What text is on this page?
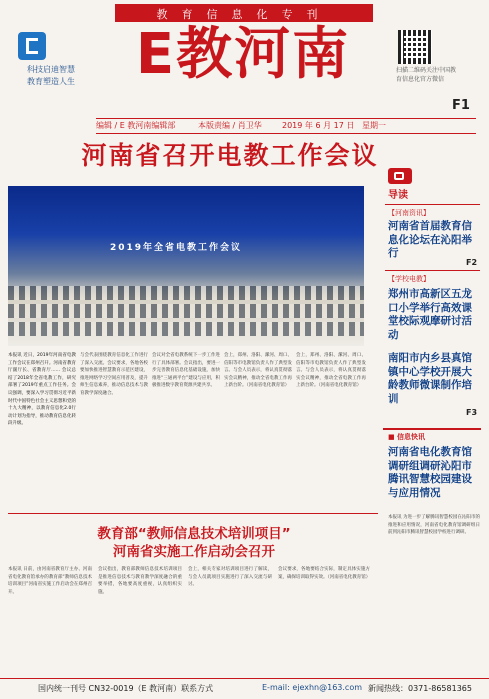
教育信息化专刊
科技启迪智慧
教育塑造人生	E教河南	扫描二维码关注中国教育信息化官方微信
F1
编辑 / E 教河南编辑部	本版责编 / 肖卫华	2019 年 6 月 17 日 星期一
河南省召开电教工作会议
2019年全省电教工作会议
本报讯 近日，2019年河南省电教工作会议在郑州召开。河南省教育厅副厅长、省教育厅…… 会议总结了2018年全省电教工作，研究部署了2019年重点工作任务。会议强调，要深入学习贯彻习近平新时代中国特色社会主义思想和党的十九大精神，以教育信息化2.0行动计划为指导，推动教育信息化转段升级。
与会代表围绕教育信息化工作进行了深入交流。会议要求，各地各校要加快推进智慧教育示范区建设，推进网络学习空间应用普及，提升师生信息素养，推动信息技术与教育教学深度融合。
会议对全省电教系统下一步工作进行了具体部署。会议指出，要进一步完善教育信息化基础设施，加快推进“三通两平台”建设与应用，积极推进数字教育资源共建共享。
会上，郑州、洛阳、漯河、周口、信阳等市电教馆负责人作了典型发言。与会人员表示，将认真贯彻落实会议精神，推动全省电教工作再上新台阶。（河南省电化教育馆）
会上，郑州、洛阳、漯河、周口、信阳等市电教馆负责人作了典型发言。与会人员表示，将认真贯彻落实会议精神，推动全省电教工作再上新台阶。（河南省电化教育馆）
教育部“教师信息技术培训项目”
河南省实施工作启动会召开
本报讯 日前，由河南省教育厅主办、河南省电化教育馆承办的教育部“教师信息技术培训项目”河南省实施工作启动会在郑州召开。
会议指出，教育部教师信息技术培训项目是推进信息技术与教育教学深度融合的重要举措，各地要高度重视，认真组织实施。
会上，相关专家对培训项目进行了解读，与会人员就项目实施进行了深入交流与研讨。
会议要求，各地要结合实际，制定具体实施方案，确保培训取得实效。（河南省电化教育馆）
导读
【河南资讯】
河南省首届教育信息化论坛在沁阳举行
F2
【学校电教】
郑州市高新区五龙口小学举行高效课堂校际观摩研讨活动
南阳市内乡县真馆镇中心学校开展大龄教师微课制作培训
F3
■ 信息快讯
河南省电化教育馆调研组调研沁阳市腾讯智慧校园建设与应用情况
本报讯 为进一步了解腾讯智慧校园在沁阳市的推进和应用情况，河南省电化教育馆调研组日前到沁阳市腾讯智慧校园学校进行调研。
国内统一刊号 CN32-0019（E 教河南）联系方式	E-mail: ejexhn@163.com 新闻热线：0371-86581365
